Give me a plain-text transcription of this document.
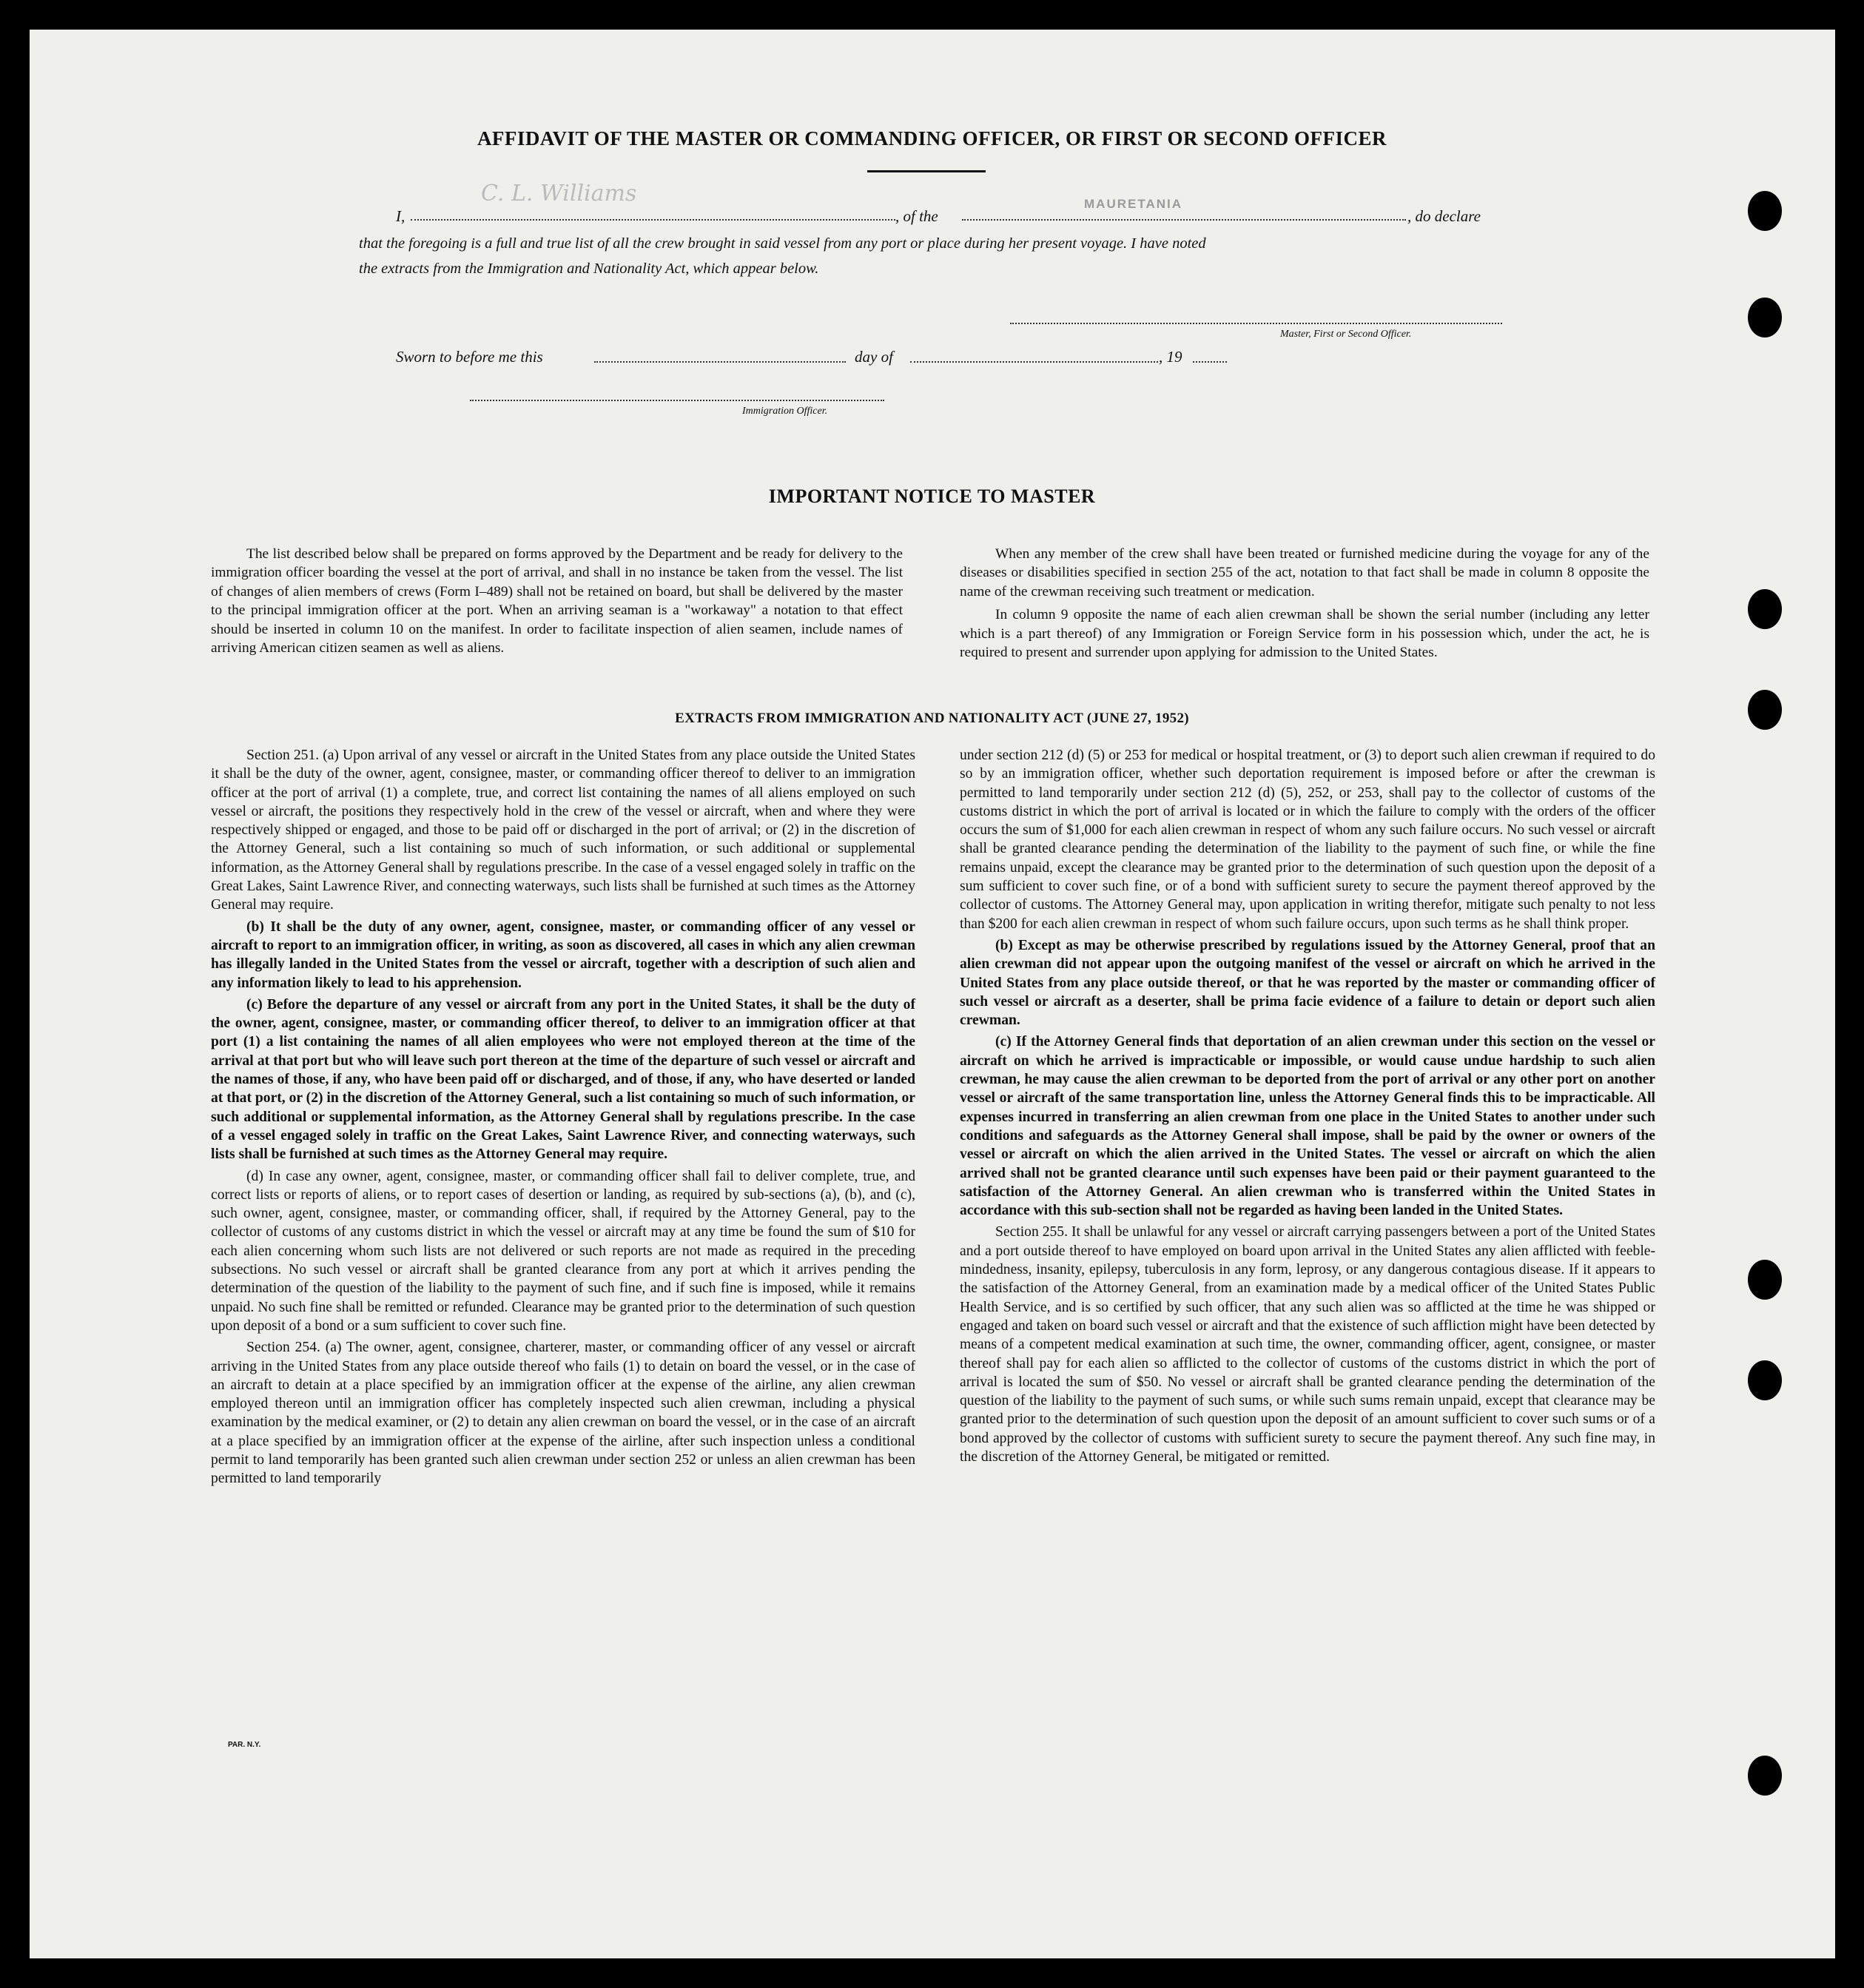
AFFIDAVIT OF THE MASTER OR COMMANDING OFFICER, OR FIRST OR SECOND OFFICER
I,
C. L. Williams
, of the
MAURETANIA
, do declare
that the foregoing is a full and true list of all the crew brought in said vessel from any port or place during her present voyage. I have noted
the extracts from the Immigration and Nationality Act, which appear below.
Master, First or Second Officer.
Sworn to before me this	day of	, 19
Immigration Officer.
IMPORTANT NOTICE TO MASTER

The list described below shall be prepared on forms approved by the Department and be ready for delivery to the immigration officer boarding the vessel at the port of arrival, and shall in no instance be taken from the vessel. The list of changes of alien members of crews (Form I–489) shall not be retained on board, but shall be delivered by the master to the principal immigration officer at the port. When an arriving seaman is a "workaway" a notation to that effect should be inserted in column 10 on the manifest. In order to facilitate inspection of alien seamen, include names of arriving American citizen seamen as well as aliens.

When any member of the crew shall have been treated or furnished medicine during the voyage for any of the diseases or disabilities specified in section 255 of the act, notation to that fact shall be made in column 8 opposite the name of the crewman receiving such treatment or medication.

In column 9 opposite the name of each alien crewman shall be shown the serial number (including any letter which is a part thereof) of any Immigration or Foreign Service form in his possession which, under the act, he is required to present and surrender upon applying for admission to the United States.

EXTRACTS FROM IMMIGRATION AND NATIONALITY ACT (JUNE 27, 1952)

Section 251. (a) Upon arrival of any vessel or aircraft in the United States from any place outside the United States it shall be the duty of the owner, agent, consignee, master, or commanding officer thereof to deliver to an immigration officer at the port of arrival (1) a complete, true, and correct list containing the names of all aliens employed on such vessel or aircraft, the positions they respectively hold in the crew of the vessel or aircraft, when and where they were respectively shipped or engaged, and those to be paid off or discharged in the port of arrival; or (2) in the discretion of the Attorney General, such a list containing so much of such information, or such additional or supplemental information, as the Attorney General shall by regulations prescribe. In the case of a vessel engaged solely in traffic on the Great Lakes, Saint Lawrence River, and connecting waterways, such lists shall be furnished at such times as the Attorney General may require.

(b) It shall be the duty of any owner, agent, consignee, master, or commanding officer of any vessel or aircraft to report to an immigration officer, in writing, as soon as discovered, all cases in which any alien crewman has illegally landed in the United States from the vessel or aircraft, together with a description of such alien and any information likely to lead to his apprehension.

(c) Before the departure of any vessel or aircraft from any port in the United States, it shall be the duty of the owner, agent, consignee, master, or commanding officer thereof, to deliver to an immigration officer at that port (1) a list containing the names of all alien employees who were not employed thereon at the time of the arrival at that port but who will leave such port thereon at the time of the departure of such vessel or aircraft and the names of those, if any, who have been paid off or discharged, and of those, if any, who have deserted or landed at that port, or (2) in the discretion of the Attorney General, such a list containing so much of such information, or such additional or supplemental information, as the Attorney General shall by regulations prescribe. In the case of a vessel engaged solely in traffic on the Great Lakes, Saint Lawrence River, and connecting waterways, such lists shall be furnished at such times as the Attorney General may require.

(d) In case any owner, agent, consignee, master, or commanding officer shall fail to deliver complete, true, and correct lists or reports of aliens, or to report cases of desertion or landing, as required by sub-sections (a), (b), and (c), such owner, agent, consignee, master, or commanding officer, shall, if required by the Attorney General, pay to the collector of customs of any customs district in which the vessel or aircraft may at any time be found the sum of $10 for each alien concerning whom such lists are not delivered or such reports are not made as required in the preceding subsections. No such vessel or aircraft shall be granted clearance from any port at which it arrives pending the determination of the question of the liability to the payment of such fine, and if such fine is imposed, while it remains unpaid. No such fine shall be remitted or refunded. Clearance may be granted prior to the determination of such question upon deposit of a bond or a sum sufficient to cover such fine.

Section 254. (a) The owner, agent, consignee, charterer, master, or commanding officer of any vessel or aircraft arriving in the United States from any place outside thereof who fails (1) to detain on board the vessel, or in the case of an aircraft to detain at a place specified by an immigration officer at the expense of the airline, any alien crewman employed thereon until an immigration officer has completely inspected such alien crewman, including a physical examination by the medical examiner, or (2) to detain any alien crewman on board the vessel, or in the case of an aircraft at a place specified by an immigration officer at the expense of the airline, after such inspection unless a conditional permit to land temporarily has been granted such alien crewman under section 252 or unless an alien crewman has been permitted to land temporarily

under section 212 (d) (5) or 253 for medical or hospital treatment, or (3) to deport such alien crewman if required to do so by an immigration officer, whether such deportation requirement is imposed before or after the crewman is permitted to land temporarily under section 212 (d) (5), 252, or 253, shall pay to the collector of customs of the customs district in which the port of arrival is located or in which the failure to comply with the orders of the officer occurs the sum of $1,000 for each alien crewman in respect of whom any such failure occurs. No such vessel or aircraft shall be granted clearance pending the determination of the liability to the payment of such fine, or while the fine remains unpaid, except the clearance may be granted prior to the determination of such question upon the deposit of a sum sufficient to cover such fine, or of a bond with sufficient surety to secure the payment thereof approved by the collector of customs. The Attorney General may, upon application in writing therefor, mitigate such penalty to not less than $200 for each alien crewman in respect of whom such failure occurs, upon such terms as he shall think proper.

(b) Except as may be otherwise prescribed by regulations issued by the Attorney General, proof that an alien crewman did not appear upon the outgoing manifest of the vessel or aircraft on which he arrived in the United States from any place outside thereof, or that he was reported by the master or commanding officer of such vessel or aircraft as a deserter, shall be prima facie evidence of a failure to detain or deport such alien crewman.

(c) If the Attorney General finds that deportation of an alien crewman under this section on the vessel or aircraft on which he arrived is impracticable or impossible, or would cause undue hardship to such alien crewman, he may cause the alien crewman to be deported from the port of arrival or any other port on another vessel or aircraft of the same transportation line, unless the Attorney General finds this to be impracticable. All expenses incurred in transferring an alien crewman from one place in the United States to another under such conditions and safeguards as the Attorney General shall impose, shall be paid by the owner or owners of the vessel or aircraft on which the alien arrived in the United States. The vessel or aircraft on which the alien arrived shall not be granted clearance until such expenses have been paid or their payment guaranteed to the satisfaction of the Attorney General. An alien crewman who is transferred within the United States in accordance with this sub-section shall not be regarded as having been landed in the United States.

Section 255. It shall be unlawful for any vessel or aircraft carrying passengers between a port of the United States and a port outside thereof to have employed on board upon arrival in the United States any alien afflicted with feeble-mindedness, insanity, epilepsy, tuberculosis in any form, leprosy, or any dangerous contagious disease. If it appears to the satisfaction of the Attorney General, from an examination made by a medical officer of the United States Public Health Service, and is so certified by such officer, that any such alien was so afflicted at the time he was shipped or engaged and taken on board such vessel or aircraft and that the existence of such affliction might have been detected by means of a competent medical examination at such time, the owner, commanding officer, agent, consignee, or master thereof shall pay for each alien so afflicted to the collector of customs of the customs district in which the port of arrival is located the sum of $50. No vessel or aircraft shall be granted clearance pending the determination of the question of the liability to the payment of such sums, or while such sums remain unpaid, except that clearance may be granted prior to the determination of such question upon the deposit of an amount sufficient to cover such sums or of a bond approved by the collector of customs with sufficient surety to secure the payment thereof. Any such fine may, in the discretion of the Attorney General, be mitigated or remitted.

PAR. N.Y.
